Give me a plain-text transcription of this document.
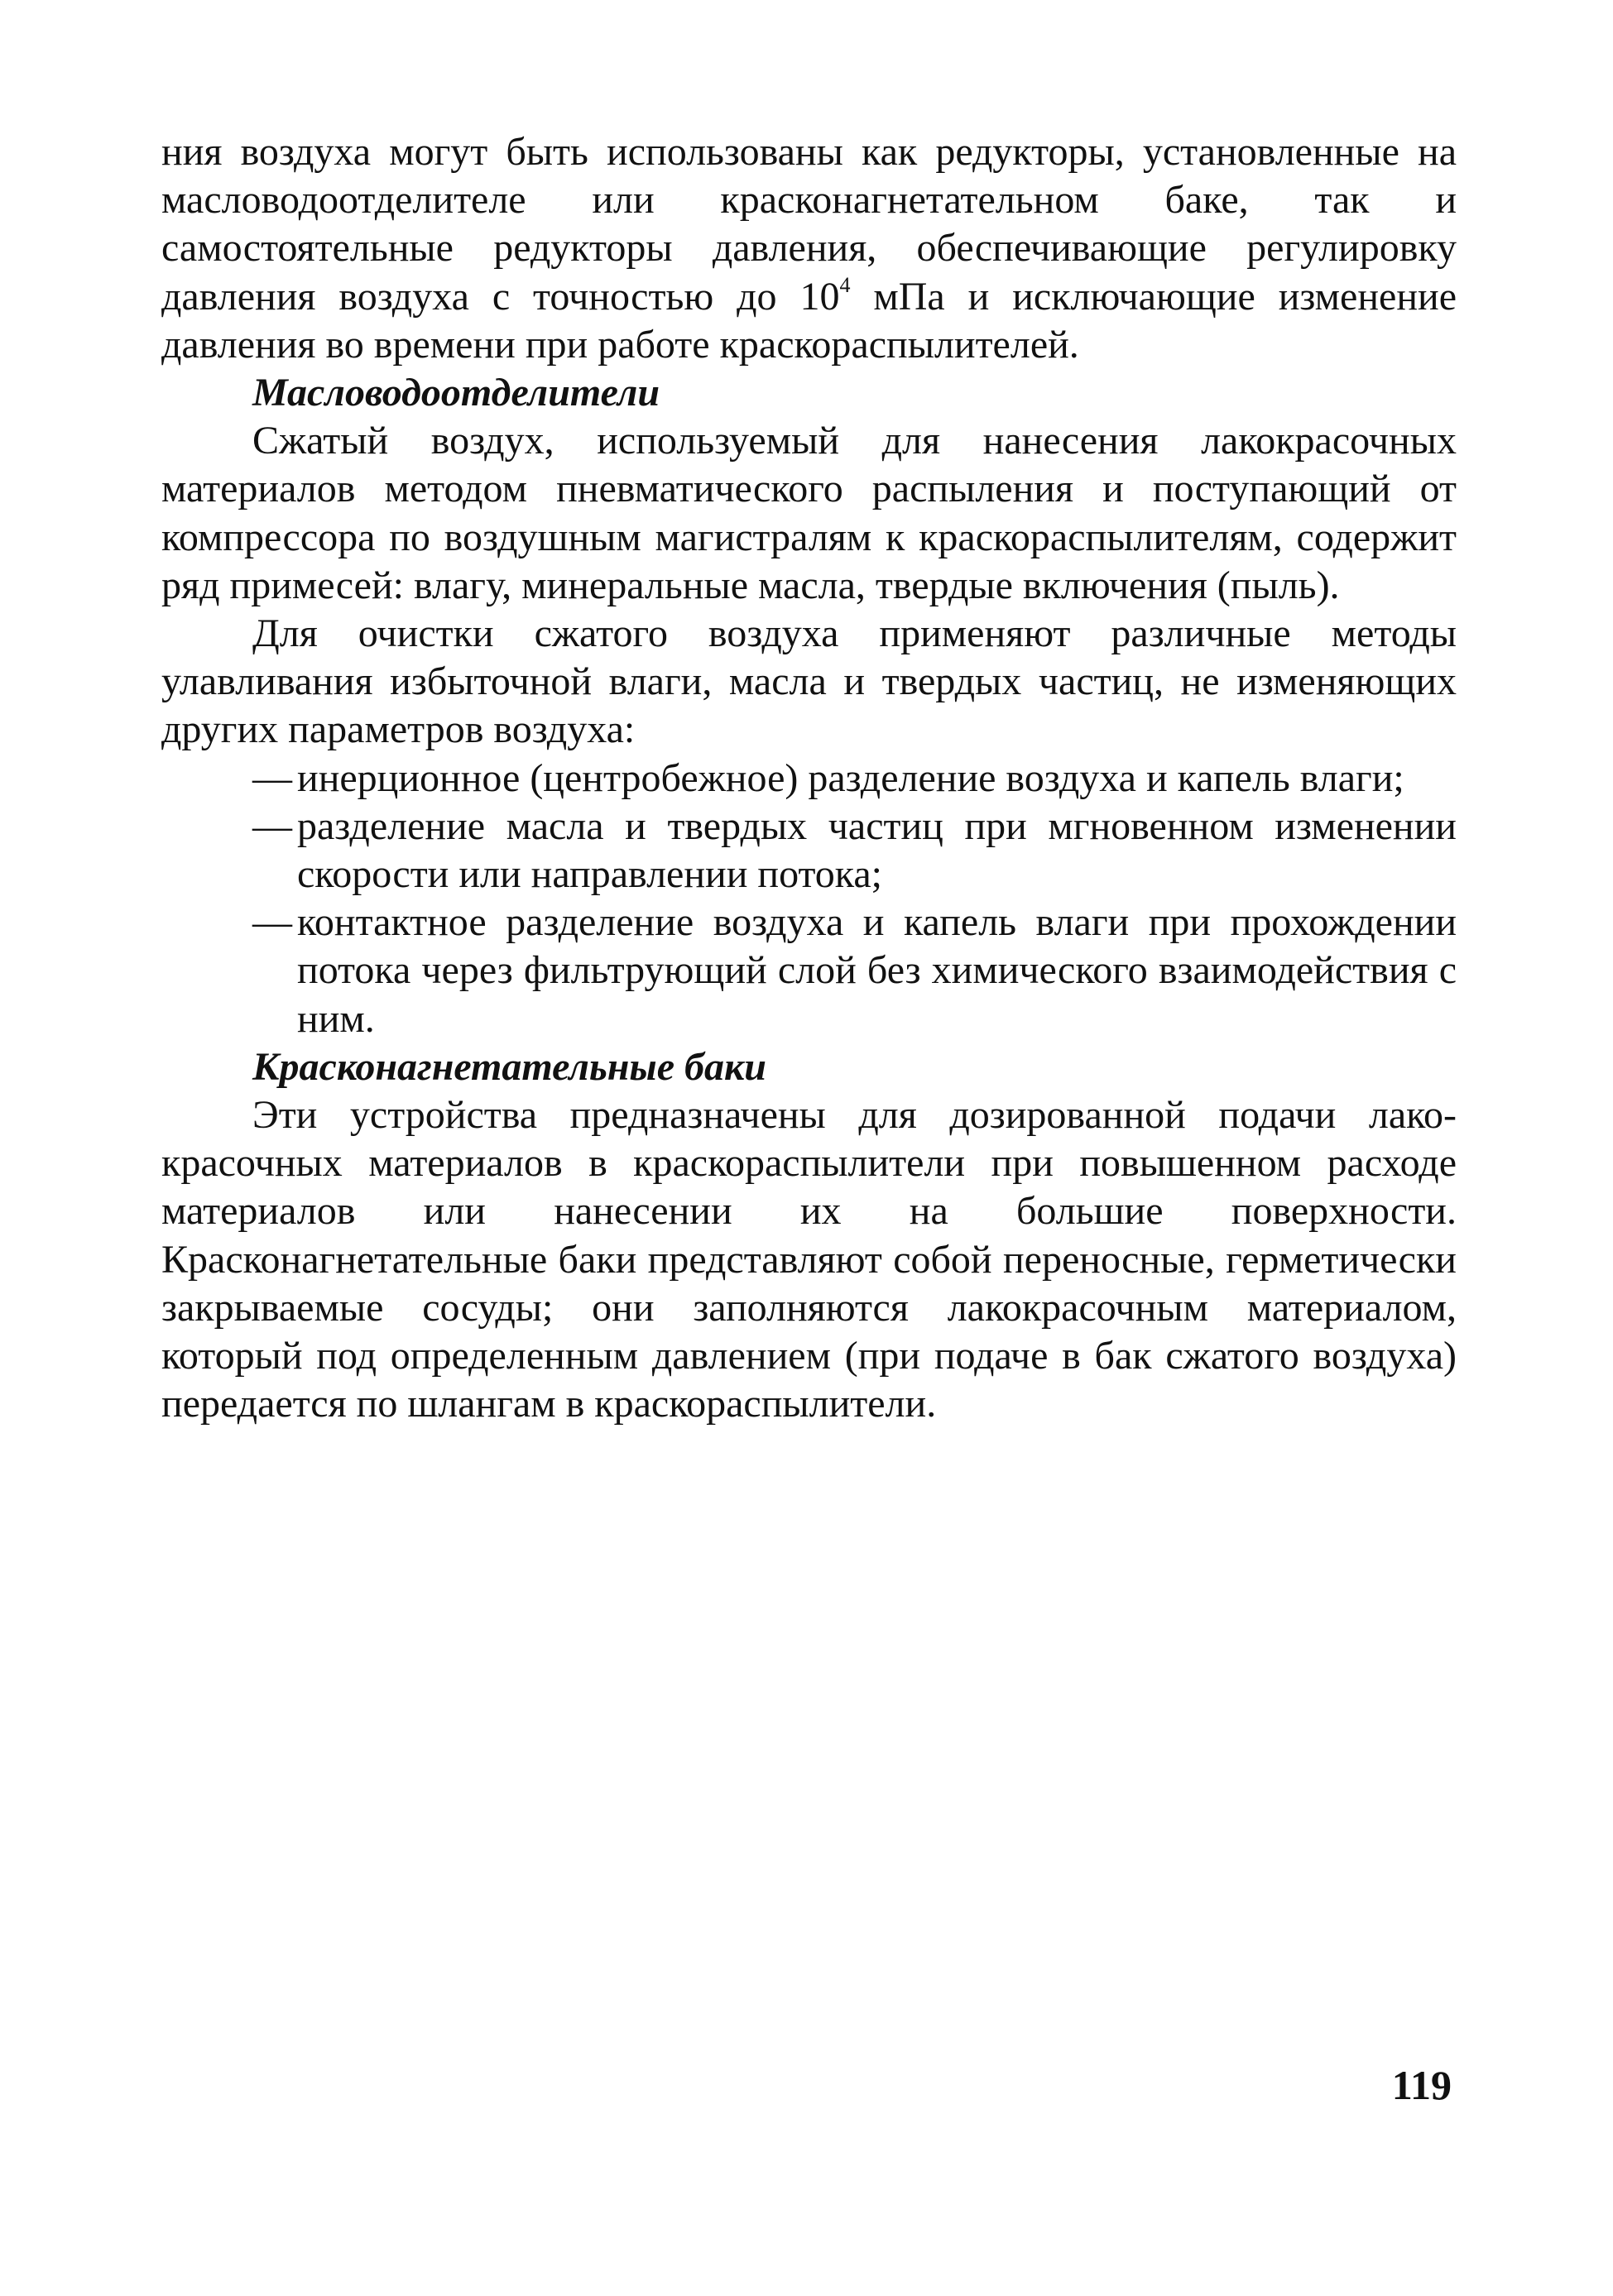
ния воздуха могут быть использованы как редукторы, установленные на масловодоотделителе или красконагнетательном баке, так и самостоятельные редукторы давления, обеспечивающие регулировку давления воздуха с точностью до $10^4$ мПа и исключающие изменение давления во времени при работе краскораспылителей.

Масловодоотделители

Сжатый воздух, используемый для нанесения лакокрасочных материалов методом пневматического распыления и поступающий от компрессора по воздушным магистралям к краскораспылителям, содержит ряд примесей: влагу, минеральные масла, твердые включения (пыль).

Для очистки сжатого воздуха применяют различные методы улавливания избыточной влаги, масла и твердых частиц, не изменяющих других параметров воздуха:

— инерционное (центробежное) разделение воздуха и капель влаги;
— разделение масла и твердых частиц при мгновенном изменении скорости или направлении потока;
— контактное разделение воздуха и капель влаги при прохождении потока через фильтрующий слой без химического взаимодействия с ним.
Красконагнетательные баки

Эти устройства предназначены для дозированной подачи лакокрасочных материалов в краскораспылители при повышенном расходе материалов или нанесении их на большие поверхности. Красконагнетательные баки представляют собой переносные, герметически закрываемые сосуды; они заполняются лакокрасочным материалом, который под определенным давлением (при подаче в бак сжатого воздуха) передается по шлангам в краскораспылители.

119
